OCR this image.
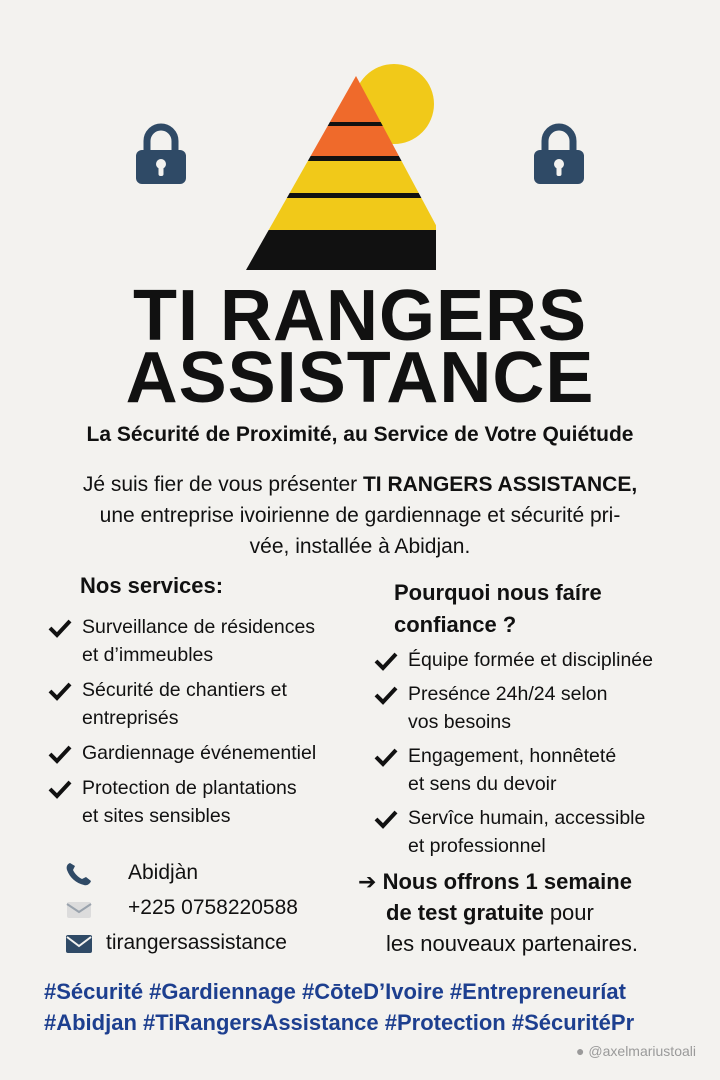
TI RANGERS
ASSISTANCE
La Sécurité de Proximité, au Service de Votre Quiétude
Jé suis fier de vous présenter TI RANGERS ASSISTANCE,
une entreprise ivoirienne de gardiennage et sécurité pri-
vée, installée à Abidjan.
Nos services:
Surveillance de résidences
et d’immeubles
Sécurité de chantiers et
entreprisés
Gardiennage événementiel
Protection de plantations
et sites sensibles
Pourquoi nous faíre
confiance ?
Équipe formée et disciplinée
Presénce 24h/24 selon
vos besoins
Engagement, honnêteté
et sens du devoir
Servîce humain, accessible
et professionnel
Abidjàn
+225 0758220588
tirangersassistance
➔ Nous offrons 1 semaine
de test gratuite pour
les nouveaux partenaires.
#Sécurité #Gardiennage #CōteD’Ivoire #Entrepreneuríat
#Abidjan #TiRangersAssistance #Protection #SécuritéPr
● @axelmariustoali
